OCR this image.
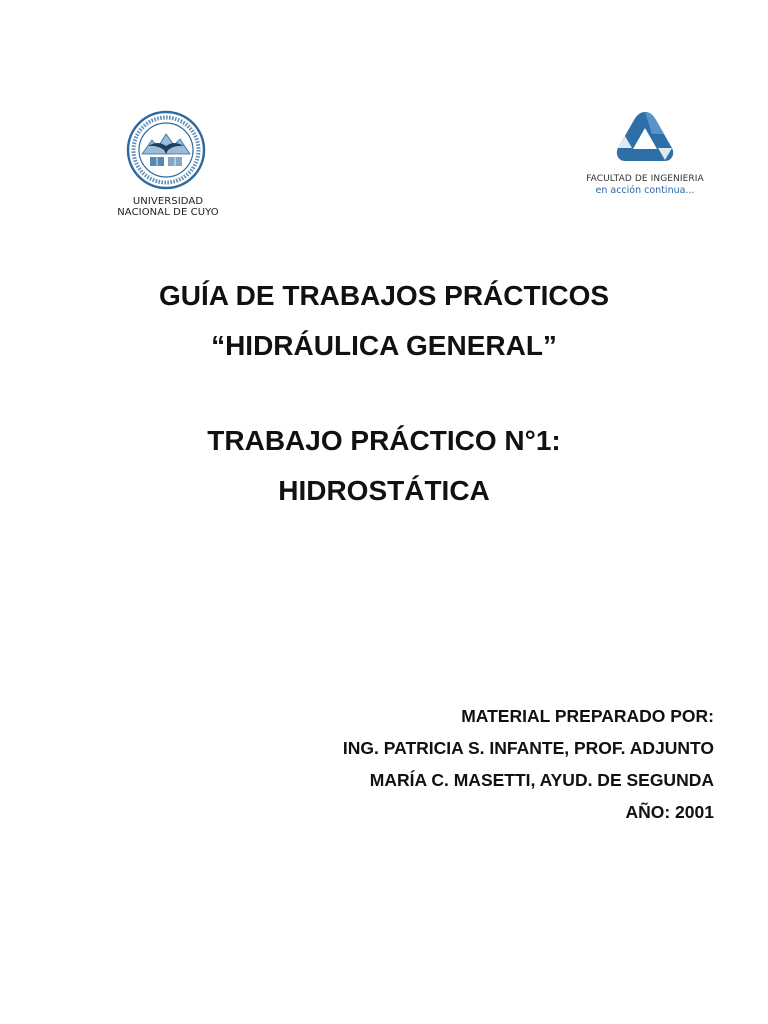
UNIVERSIDAD
NACIONAL DE CUYO
FACULTAD DE INGENIERIA
en acción continua...
GUÍA DE TRABAJOS PRÁCTICOS
“HIDRÁULICA GENERAL”
TRABAJO PRÁCTICO N°1:
HIDROSTÁTICA
MATERIAL PREPARADO POR:
ING. PATRICIA S. INFANTE, PROF. ADJUNTO
MARÍA C. MASETTI, AYUD. DE SEGUNDA
AÑO: 2001
